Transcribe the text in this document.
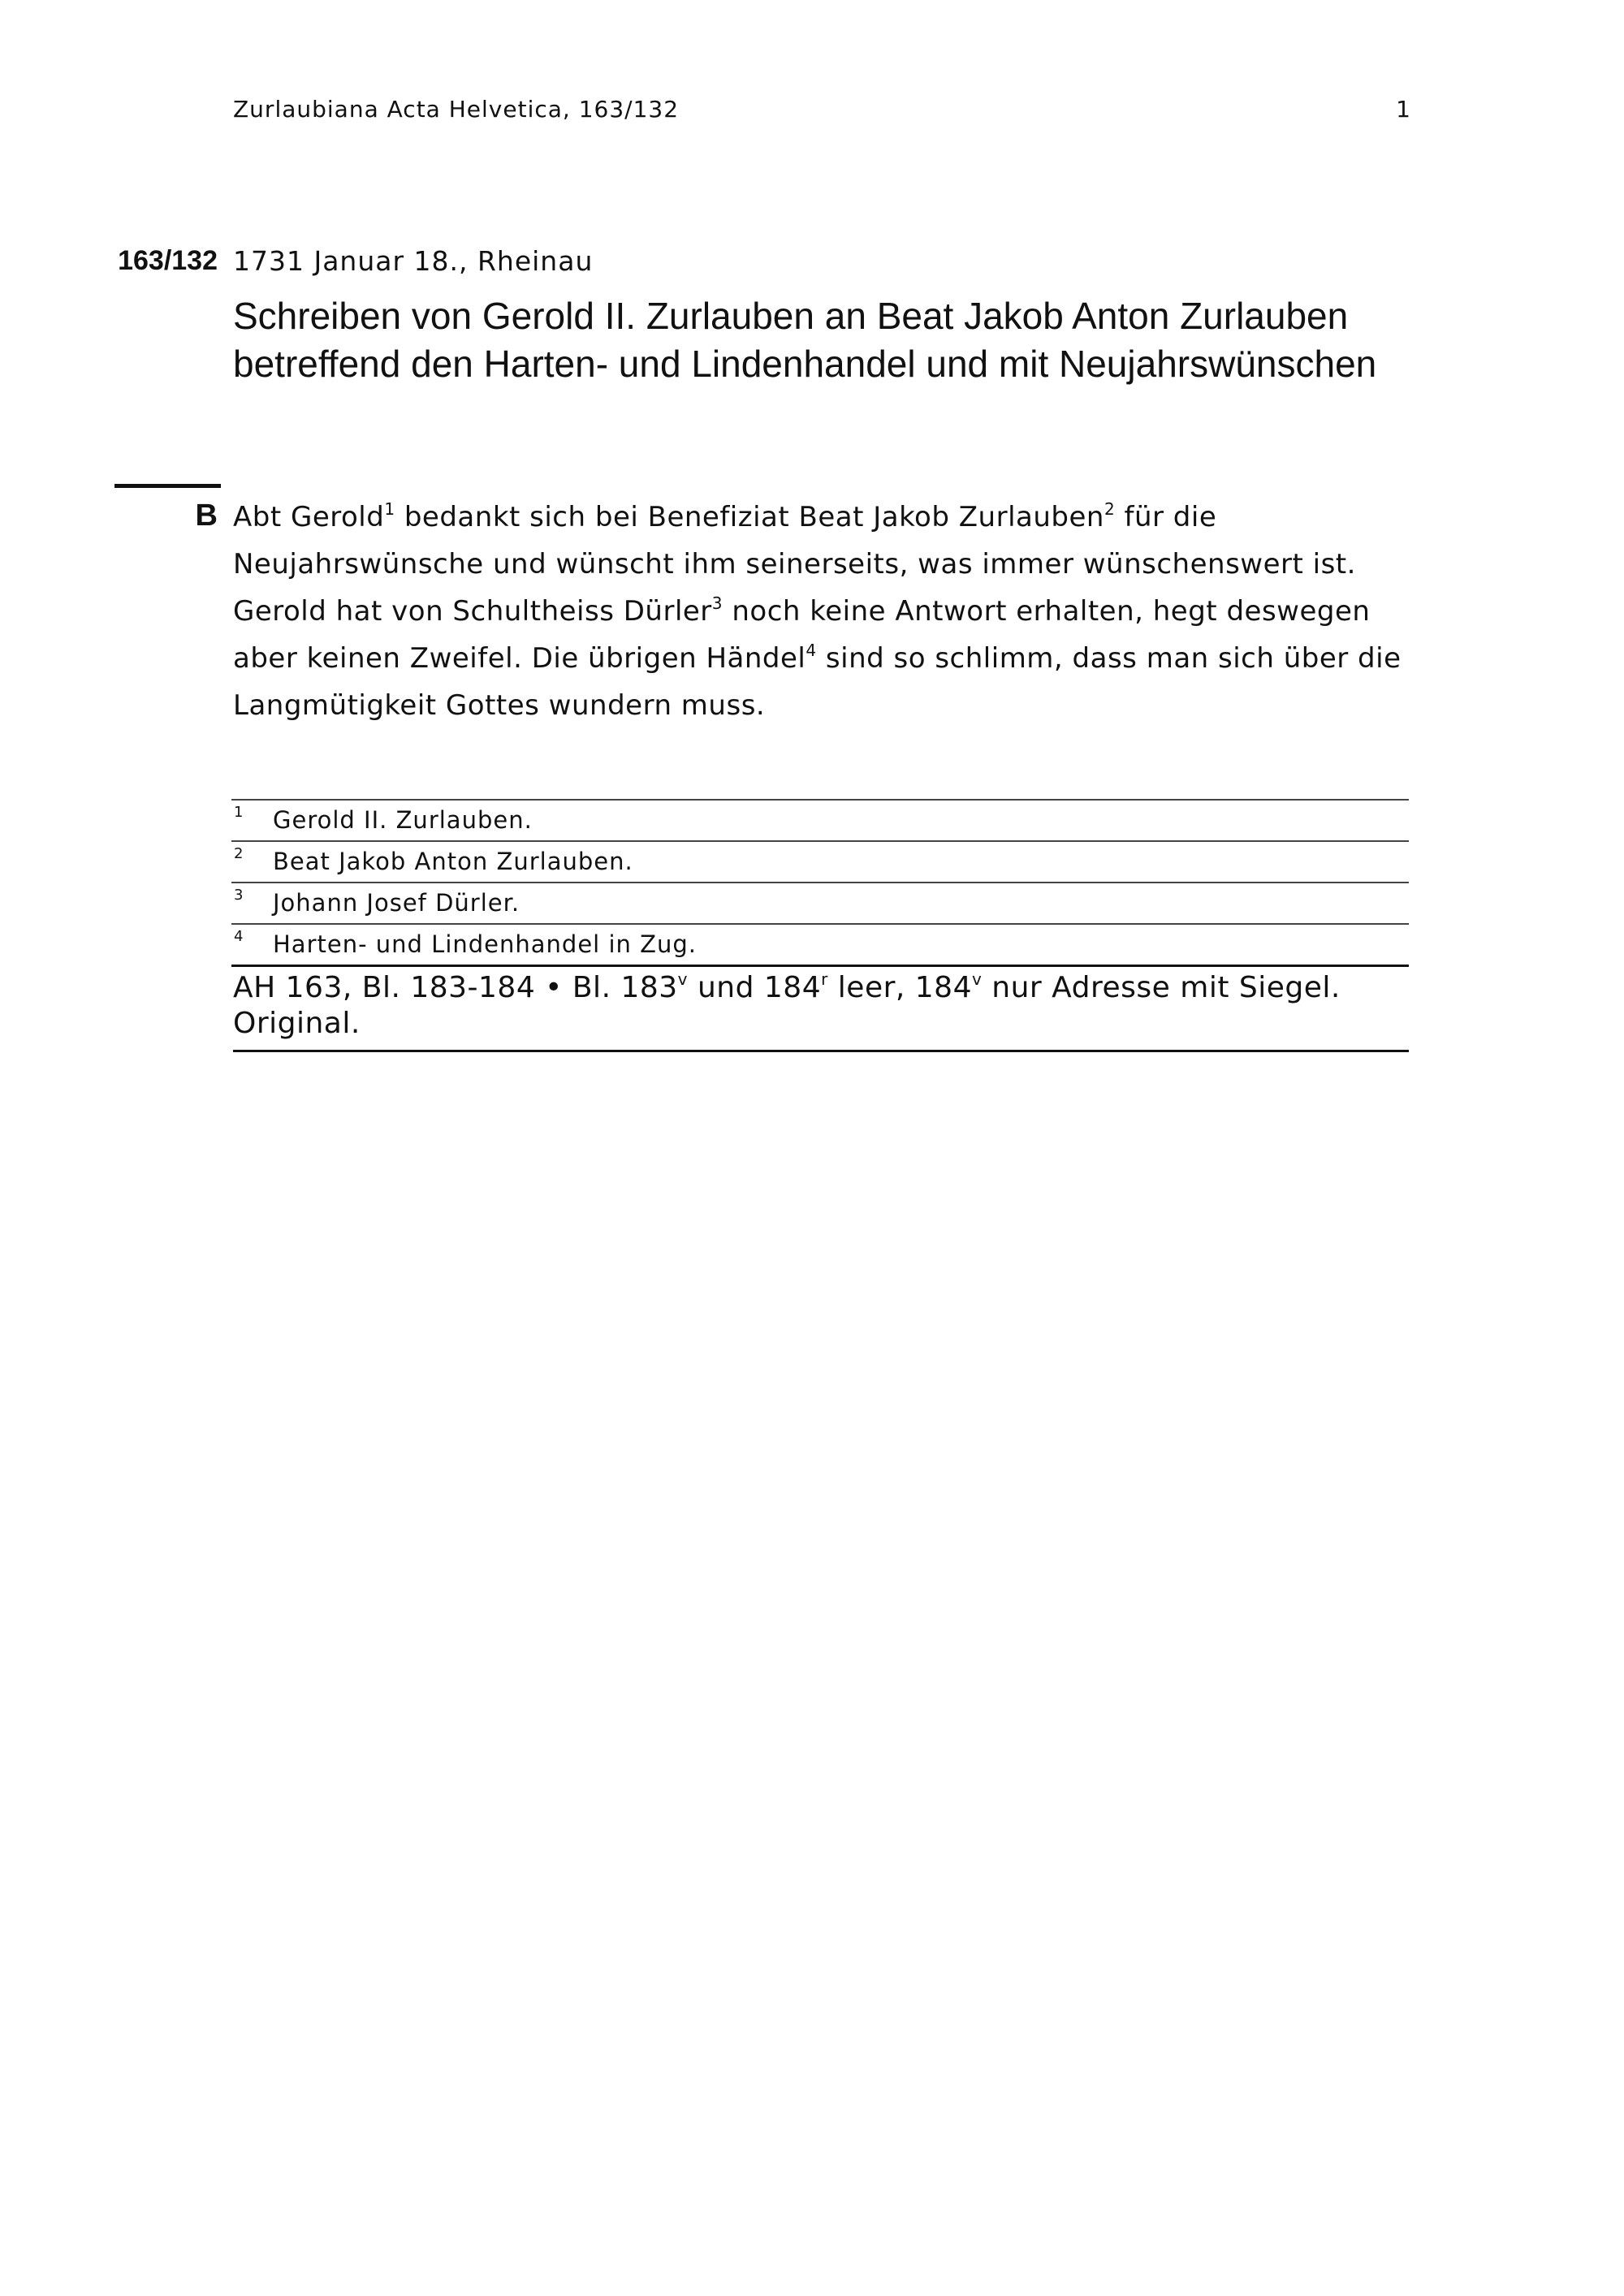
Zurlaubiana Acta Helvetica, 163/132	1
163/132 1731 Januar 18., Rheinau
Schreiben von Gerold II. Zurlauben an Beat Jakob Anton Zurlauben betreffend den Harten- und Lindenhandel und mit Neujahrswünschen
B Abt Gerold$^1$ bedankt sich bei Benefiziat Beat Jakob Zurlauben$^2$ für die Neujahrswünsche und wünscht ihm seinerseits, was immer wünschenswert ist. Gerold hat von Schultheiss Dürler$^3$ noch keine Antwort erhalten, hegt deswegen aber keinen Zweifel. Die übrigen Händel$^4$ sind so schlimm, dass man sich über die Langmütigkeit Gottes wundern muss.

1 Gerold II. Zurlauben.
2 Beat Jakob Anton Zurlauben.
3 Johann Josef Dürler.
4 Harten- und Lindenhandel in Zug.
AH 163, Bl. 183-184 • Bl. 183$^v$ und 184$^r$ leer, 184$^v$ nur Adresse mit Siegel. Original.
